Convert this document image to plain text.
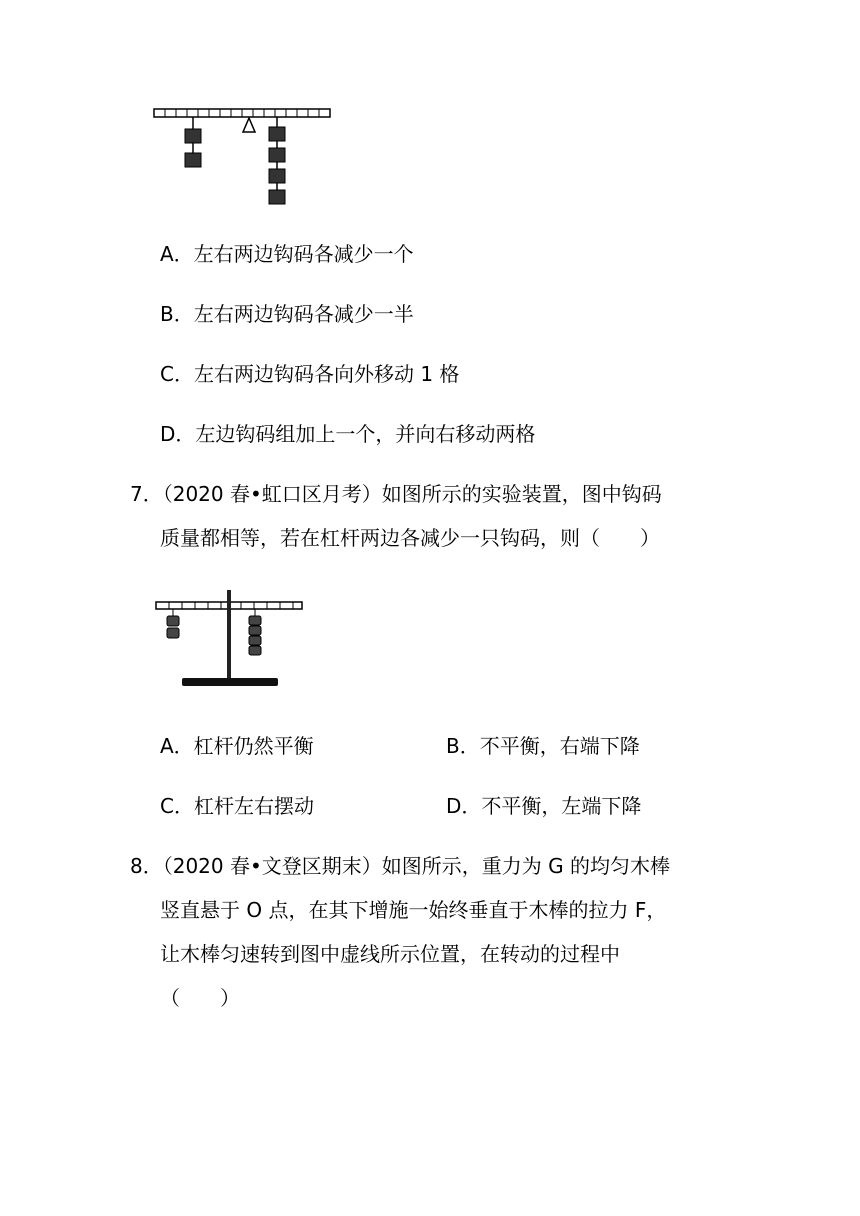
A．左右两边钩码各减少一个
B．左右两边钩码各减少一半
C．左右两边钩码各向外移动 1 格
D．左边钩码组加上一个，并向右移动两格
7．（2020 春•虹口区月考）如图所示的实验装置，图中钩码
质量都相等，若在杠杆两边各减少一只钩码，则（　　）
A．杠杆仍然平衡	B．不平衡，右端下降
C．杠杆左右摆动	D．不平衡，左端下降
8．（2020 春•文登区期末）如图所示，重力为 G 的均匀木棒
竖直悬于 O 点，在其下增施一始终垂直于木棒的拉力 F，
让木棒匀速转到图中虚线所示位置，在转动的过程中
（　　）
